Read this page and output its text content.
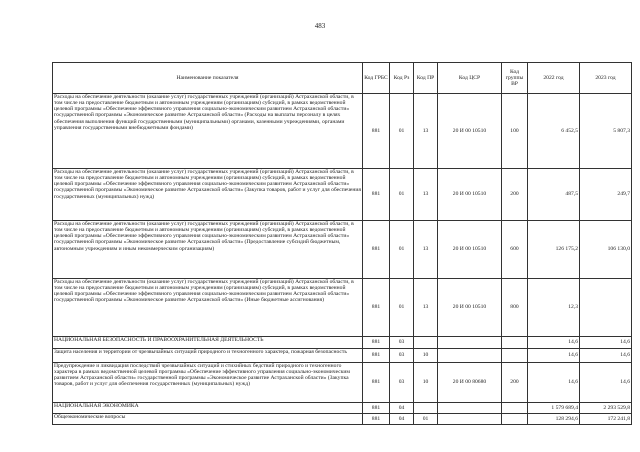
483
Наименование показателя	Код ГРБС	Код Рз	Код ПР	Код ЦСР	Код группы ВР	2022 год	2023 год
Расходы на обеспечение деятельности (оказание услуг) государственных учреждений (организаций) Астраханской области, в том числе на предоставление бюджетным и автономным учреждениям (организациям) субсидий, в рамках ведомственной целевой программы «Обеспечение эффективного управления социально-экономическим развитием Астраханской области» государственной программы «Экономическое развитие Астраханской области» (Расходы на выплаты персоналу в целях обеспечения выполнения функций государственными (муниципальными) органами, казенными учреждениями, органами управления государственными внебюджетными фондами)	881	01	13	20 И 00 10510	100	6 452,5	5 807,3
Расходы на обеспечение деятельности (оказание услуг) государственных учреждений (организаций) Астраханской области, в том числе на предоставление бюджетным и автономным учреждениям (организациям) субсидий, в рамках ведомственной целевой программы «Обеспечение эффективного управления социально-экономическим развитием Астраханской области» государственной программы «Экономическое развитие Астраханской области» (Закупка товаров, работ и услуг для обеспечения государственных (муниципальных) нужд)	881	01	13	20 И 00 10510	200	487,5	249,7
Расходы на обеспечение деятельности (оказание услуг) государственных учреждений (организаций) Астраханской области, в том числе на предоставление бюджетным и автономным учреждениям (организациям) субсидий, в рамках ведомственной целевой программы «Обеспечение эффективного управления социально-экономическим развитием Астраханской области» государственной программы «Экономическое развитие Астраханской области» (Предоставление субсидий бюджетным, автономным учреждениям и иным некоммерческим организациям)	881	01	13	20 И 00 10510	600	126 175,2	106 130,0
Расходы на обеспечение деятельности (оказание услуг) государственных учреждений (организаций) Астраханской области, в том числе на предоставление бюджетным и автономным учреждениям (организациям) субсидий, в рамках ведомственной целевой программы «Обеспечение эффективного управления социально-экономическим развитием Астраханской области» государственной программы «Экономическое развитие Астраханской области» (Иные бюджетные ассигнования)	881	01	13	20 И 00 10510	800	12,3	
НАЦИОНАЛЬНАЯ БЕЗОПАСНОСТЬ И ПРАВООХРАНИТЕЛЬНАЯ ДЕЯТЕЛЬНОСТЬ	881	03				14,6	14,6
Защита населения и территории от чрезвычайных ситуаций природного и техногенного характера, пожарная безопасность	881	03	10			14,6	14,6
Предупреждение и ликвидация последствий чрезвычайных ситуаций и стихийных бедствий природного и техногенного характера в рамках ведомственной целевой программы «Обеспечение эффективного управления социально-экономическим развитием Астраханской области» государственной программы «Экономическое развитие Астраханской области» (Закупка товаров, работ и услуг для обеспечения государственных (муниципальных) нужд)	881	03	10	20 И 00 80680	200	14,6	14,6
НАЦИОНАЛЬНАЯ ЭКОНОМИКА	881	04				1 579 689,4	2 293 529,8
Общеэкономические вопросы	881	04	01			128 294,6	172 241,8
